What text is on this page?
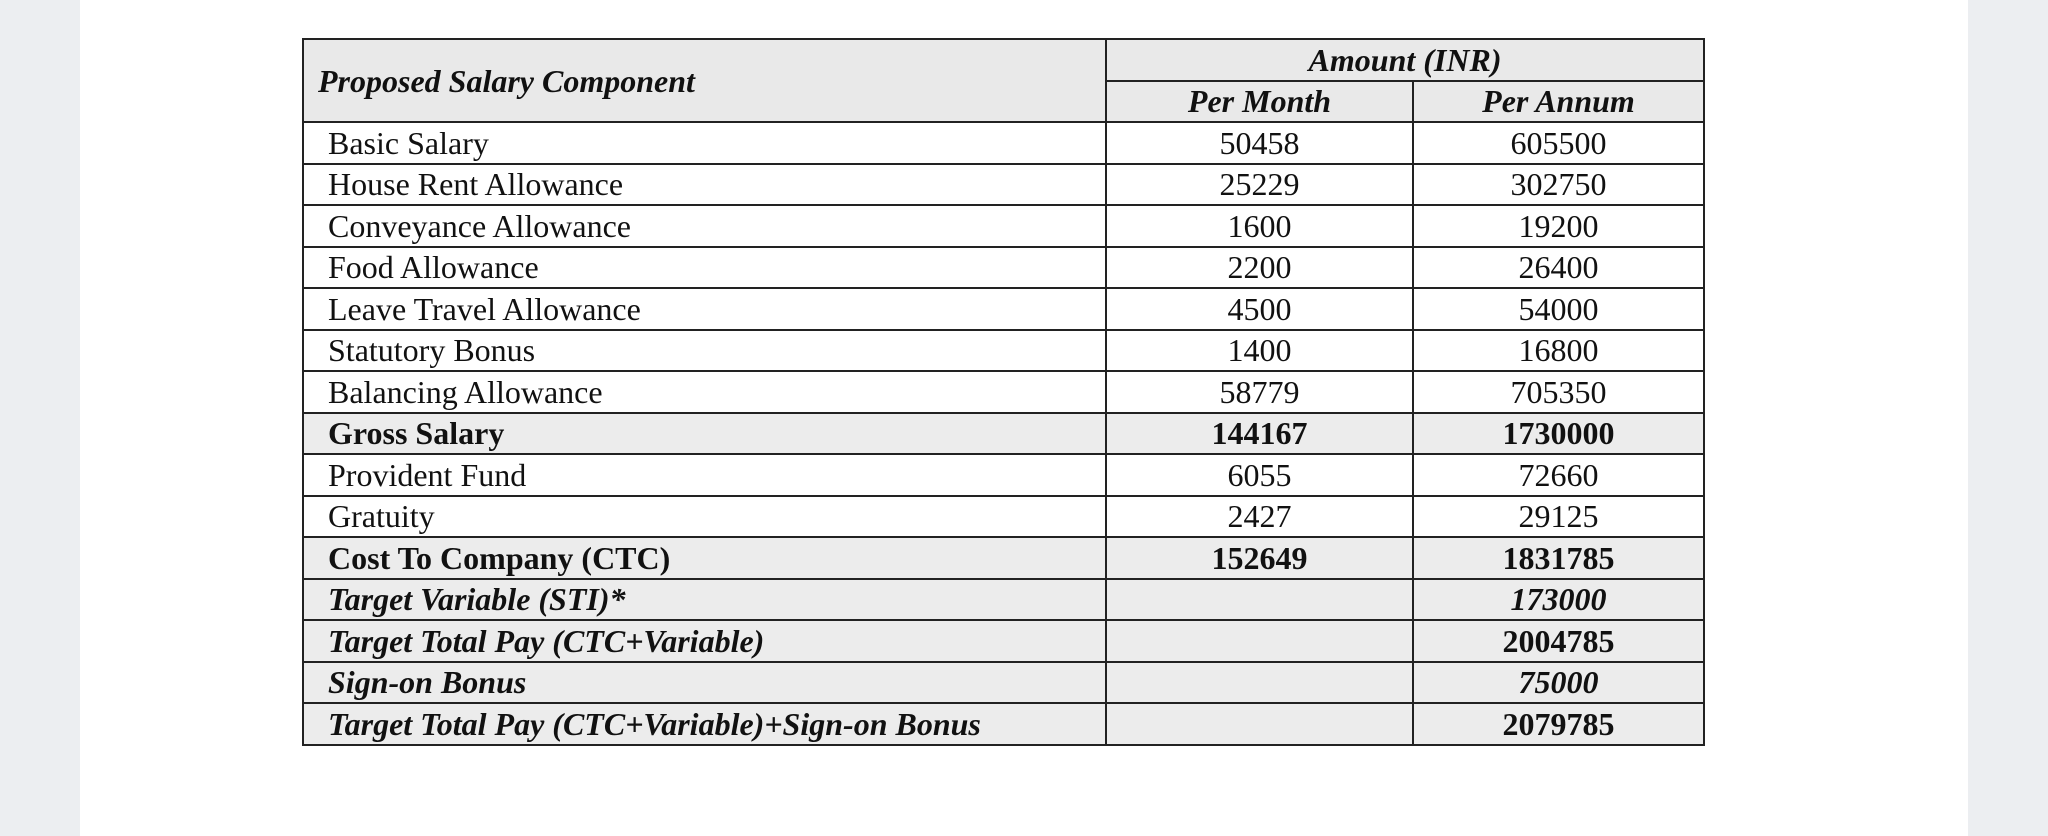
Proposed Salary Component	Amount (INR)	
	Per Month	Per Annum
Basic Salary	50458	605500
House Rent Allowance	25229	302750
Conveyance Allowance	1600	19200
Food Allowance	2200	26400
Leave Travel Allowance	4500	54000
Statutory Bonus	1400	16800
Balancing Allowance	58779	705350
Gross Salary	144167	1730000
Provident Fund	6055	72660
Gratuity	2427	29125
Cost To Company (CTC)	152649	1831785
Target Variable (STI)*		173000
Target Total Pay (CTC+Variable)		2004785
Sign-on Bonus		75000
Target Total Pay (CTC+Variable)+Sign-on Bonus		2079785
